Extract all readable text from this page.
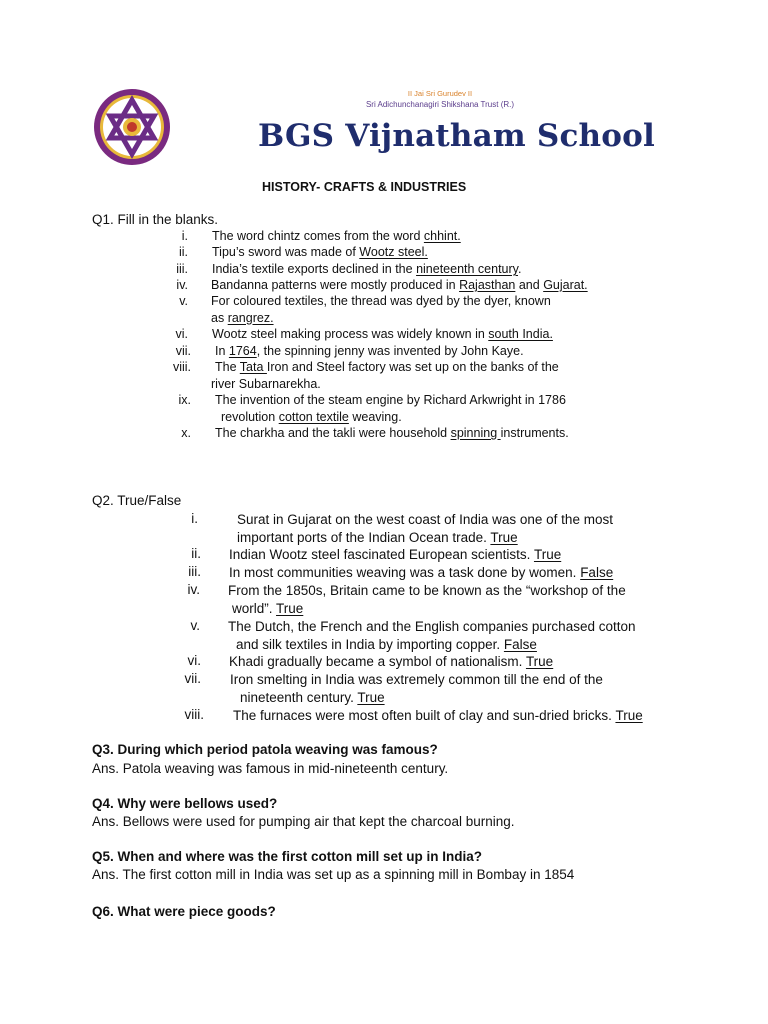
II Jai Sri Gurudev II
Sri Adichunchanagiri Shikshana Trust (R.)
BGS Vijnatham School
HISTORY- CRAFTS & INDUSTRIES
Q1. Fill in the blanks.
i. The word chintz comes from the word chhint.
ii. Tipu’s sword was made of Wootz steel.
iii. India’s textile exports declined in the nineteenth century.
iv. Bandanna patterns were mostly produced in Rajasthan and Gujarat.
v. For coloured textiles, the thread was dyed by the dyer, known
as rangrez.
vi. Wootz steel making process was widely known in south India.
vii. In 1764, the spinning jenny was invented by John Kaye.
viii. The Tata Iron and Steel factory was set up on the banks of the
river Subarnarekha.
ix. The invention of the steam engine by Richard Arkwright in 1786
revolution cotton textile weaving.
x. The charkha and the takli were household spinning instruments.
Q2. True/False
i.	Surat in Gujarat on the west coast of India was one of the most
important ports of the Indian Ocean trade. True
ii. Indian Wootz steel fascinated European scientists. True
iii. In most communities weaving was a task done by women. False
iv. From the 1850s, Britain came to be known as the “workshop of the
world”. True
v. The Dutch, the French and the English companies purchased cotton
and silk textiles in India by importing copper. False
vi. Khadi gradually became a symbol of nationalism. True
vii. Iron smelting in India was extremely common till the end of the
nineteenth century. True
viii. The furnaces were most often built of clay and sun-dried bricks. True
Q3. During which period patola weaving was famous?
Ans. Patola weaving was famous in mid-nineteenth century.
Q4. Why were bellows used?
Ans. Bellows were used for pumping air that kept the charcoal burning.
Q5. When and where was the first cotton mill set up in India?
Ans. The first cotton mill in India was set up as a spinning mill in Bombay in 1854
Q6. What were piece goods?
